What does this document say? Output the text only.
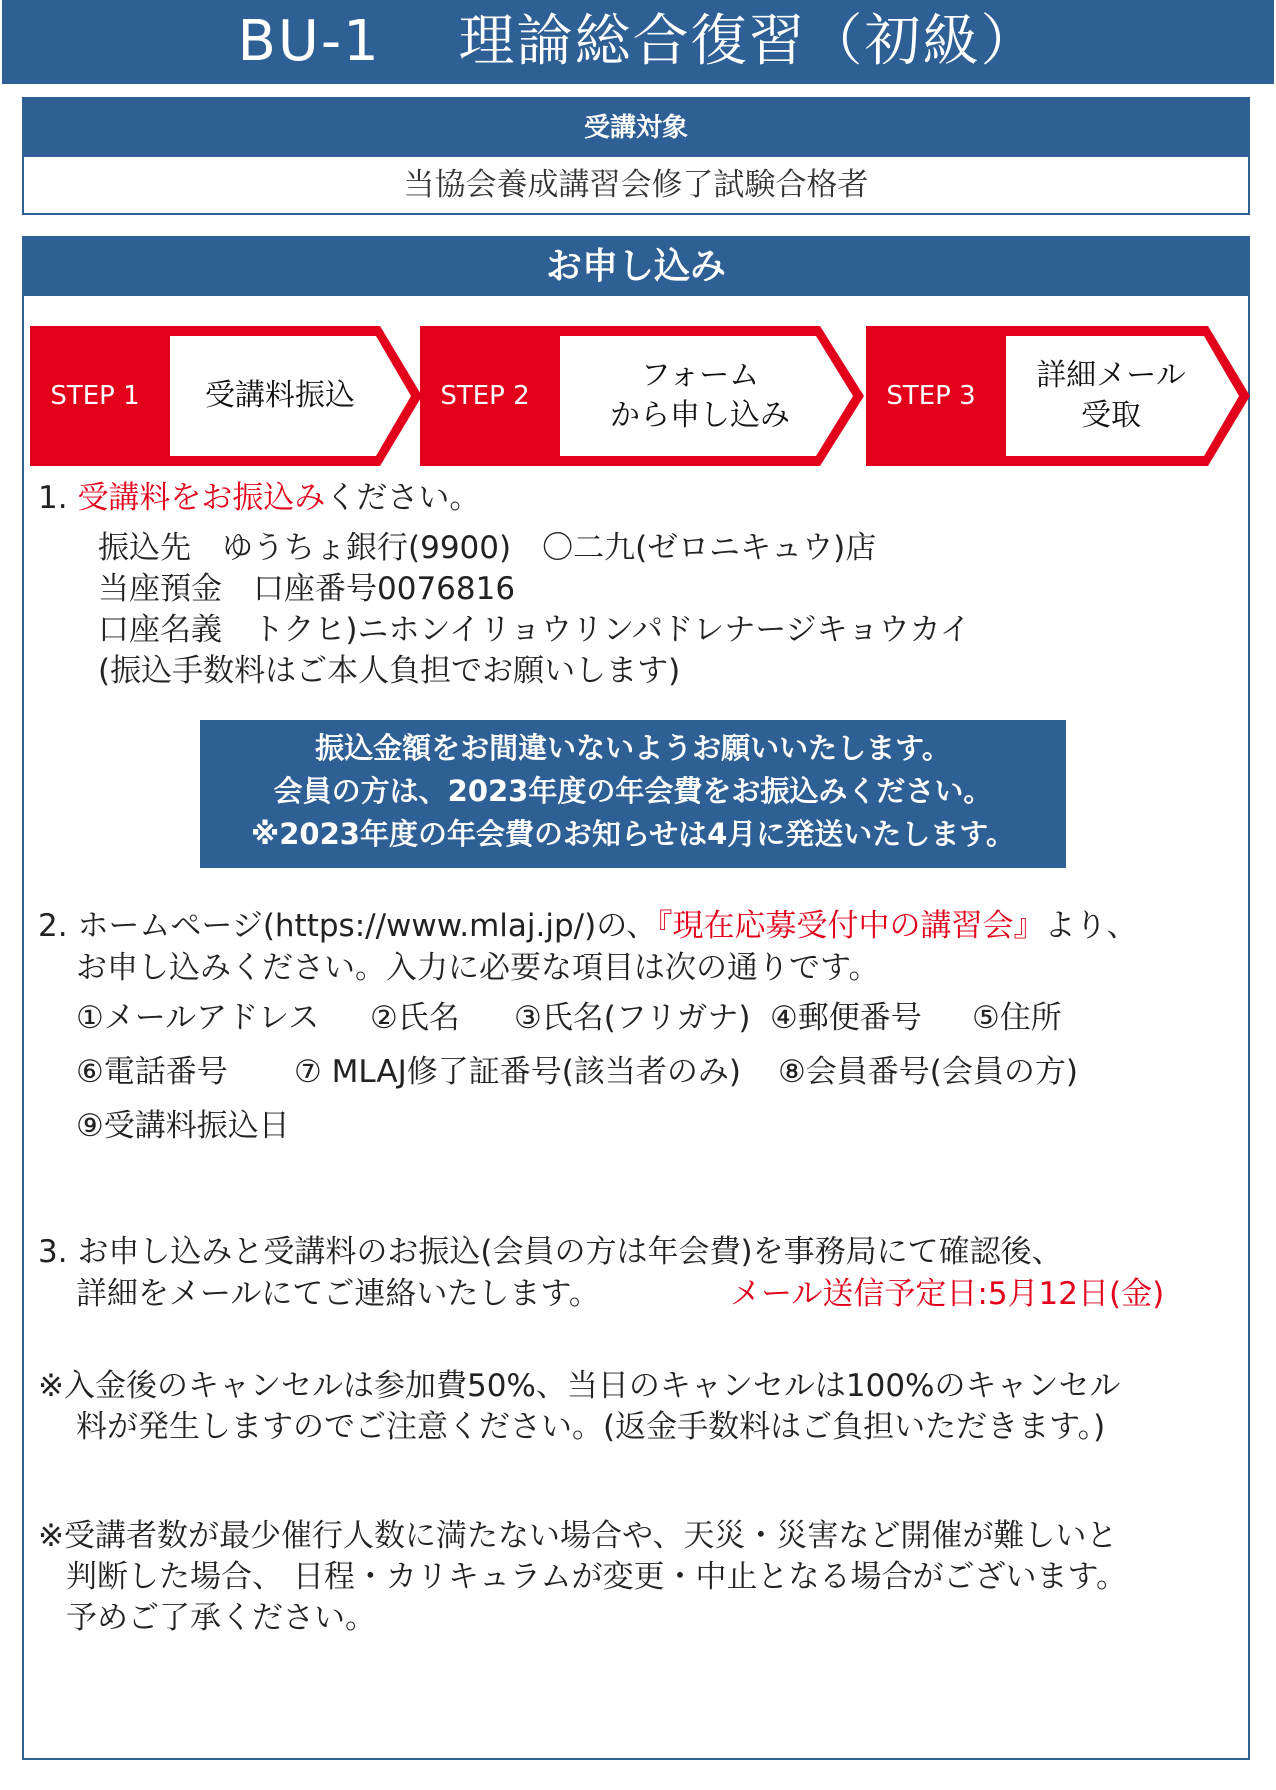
BU-1　 理論総合復習（初級）
受講対象
当協会養成講習会修了試験合格者
お申し込み
STEP 1	受講料振込	STEP 2
フォーム
から申し込み
STEP 3
詳細メール
受取
1. 受講料をお振込みください。
振込先　ゆうちょ銀行(9900)　〇二九(ゼロニキュウ)店
当座預金　口座番号0076816
口座名義　トクヒ)ニホンイリョウリンパドレナージキョウカイ
(振込手数料はご本人負担でお願いします)
振込金額をお間違いないようお願いいたします。
会員の方は、2023年度の年会費をお振込みください。
※2023年度の年会費のお知らせは4月に発送いたします。
2. ホームページ(https://www.mlaj.jp/)の、『現在応募受付中の講習会』より、
お申し込みください。入力に必要な項目は次の通りです。
①メールアドレス ②氏名 ③氏名(フリガナ) ④郵便番号 ⑤住所
⑥電話番号 ⑦ MLAJ修了証番号(該当者のみ) ⑧会員番号(会員の方)
⑨受講料振込日
3. お申し込みと受講料のお振込(会員の方は年会費)を事務局にて確認後、
詳細をメールにてご連絡いたします。	メール送信予定日:5月12日(金)
※入金後のキャンセルは参加費50%、当日のキャンセルは100%のキャンセル
料が発生しますのでご注意ください。(返金手数料はご負担いただきます。)
※受講者数が最少催行人数に満たない場合や、天災・災害など開催が難しいと
判断した場合、 日程・カリキュラムが変更・中止となる場合がございます。
予めご了承ください。
